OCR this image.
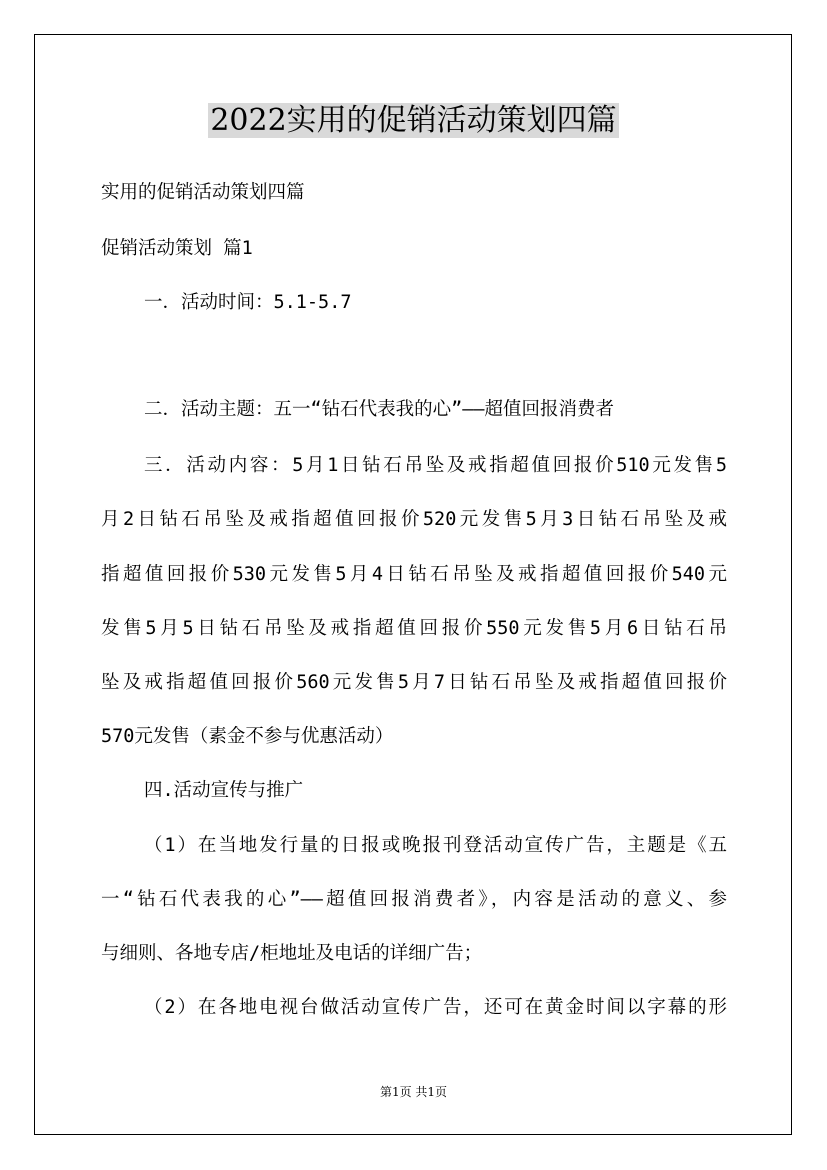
2022实用的促销活动策划四篇
实用的促销活动策划四篇
促销活动策划 篇1
一．活动时间：5.1-5.7
二．活动主题：五一“钻石代表我的心”——超值回报消费者
三．活动内容：5月1日钻石吊坠及戒指超值回报价510元发售5
月2日钻石吊坠及戒指超值回报价520元发售5月3日钻石吊坠及戒
指超值回报价530元发售5月4日钻石吊坠及戒指超值回报价540元
发售5月5日钻石吊坠及戒指超值回报价550元发售5月6日钻石吊
坠及戒指超值回报价560元发售5月7日钻石吊坠及戒指超值回报价
570元发售（素金不参与优惠活动）
四.活动宣传与推广
（1）在当地发行量的日报或晚报刊登活动宣传广告，主题是《五
一“钻石代表我的心”——超值回报消费者》，内容是活动的意义、参
与细则、各地专店/柜地址及电话的详细广告；
（2）在各地电视台做活动宣传广告，还可在黄金时间以字幕的形
第1页 共1页
